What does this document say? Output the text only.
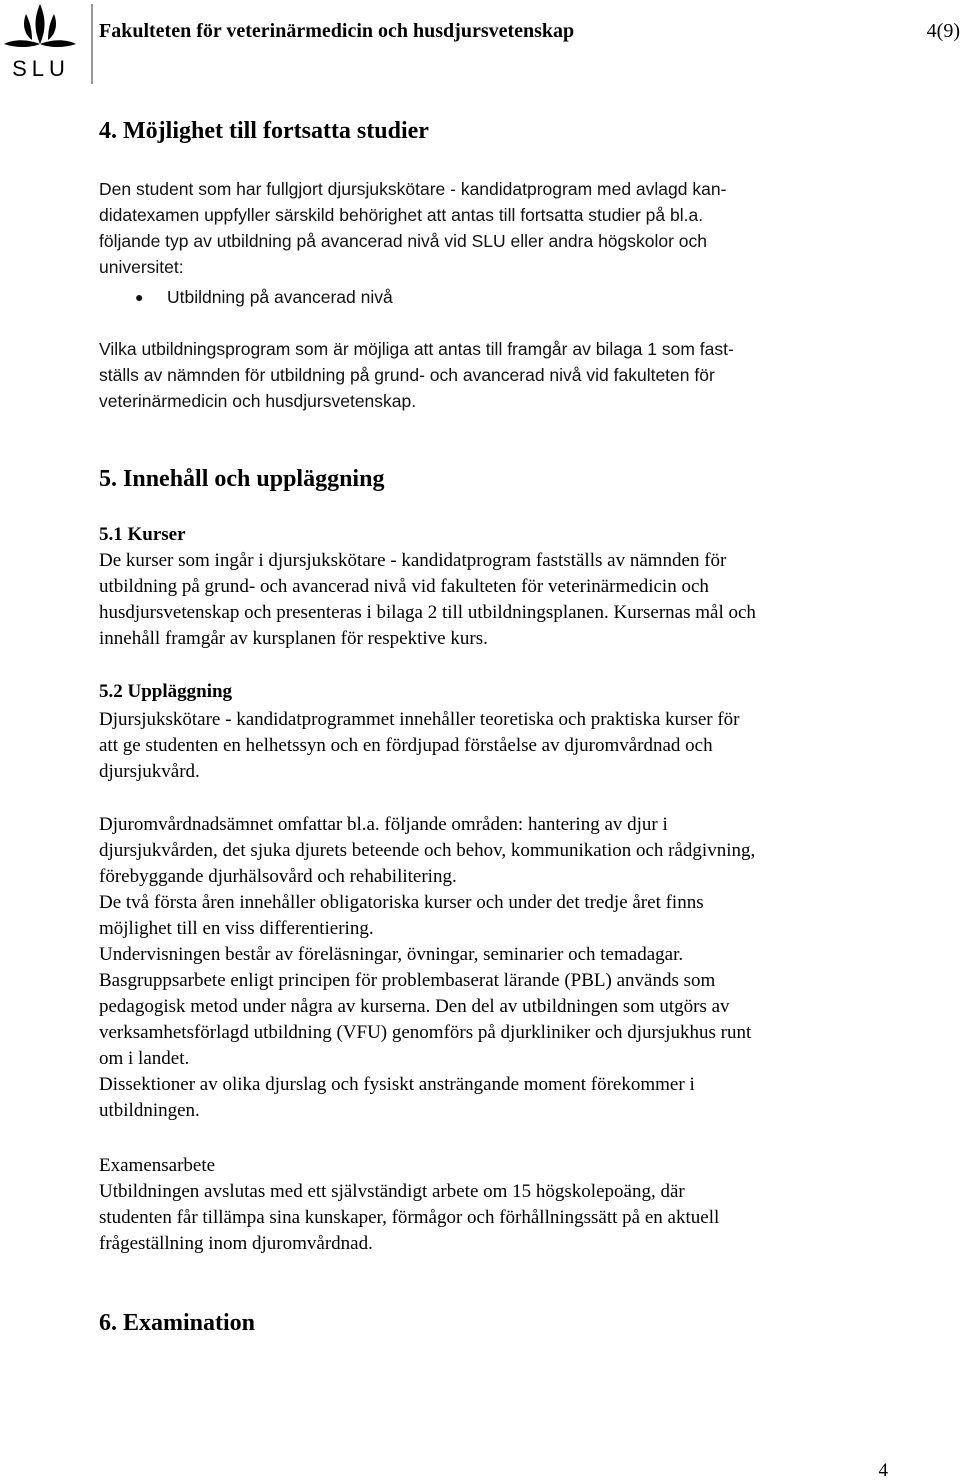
SLU
Fakulteten för veterinärmedicin och husdjursvetenskap	4(9)
4. Möjlighet till fortsatta studier
Den student som har fullgjort djursjukskötare - kandidatprogram med avlagd kan-
didatexamen uppfyller särskild behörighet att antas till fortsatta studier på bl.a.
följande typ av utbildning på avancerad nivå vid SLU eller andra högskolor och
universitet:
● Utbildning på avancerad nivå
Vilka utbildningsprogram som är möjliga att antas till framgår av bilaga 1 som fast-
ställs av nämnden för utbildning på grund- och avancerad nivå vid fakulteten för
veterinärmedicin och husdjursvetenskap.
5. Innehåll och uppläggning
5.1 Kurser
De kurser som ingår i djursjukskötare - kandidatprogram fastställs av nämnden för
utbildning på grund- och avancerad nivå vid fakulteten för veterinärmedicin och
husdjursvetenskap och presenteras i bilaga 2 till utbildningsplanen. Kursernas mål och
innehåll framgår av kursplanen för respektive kurs.
5.2 Uppläggning
Djursjukskötare - kandidatprogrammet innehåller teoretiska och praktiska kurser för
att ge studenten en helhetssyn och en fördjupad förståelse av djuromvårdnad och
djursjukvård.
Djuromvårdnadsämnet omfattar bl.a. följande områden: hantering av djur i
djursjukvården, det sjuka djurets beteende och behov, kommunikation och rådgivning,
förebyggande djurhälsovård och rehabilitering.
De två första åren innehåller obligatoriska kurser och under det tredje året finns
möjlighet till en viss differentiering.
Undervisningen består av föreläsningar, övningar, seminarier och temadagar.
Basgruppsarbete enligt principen för problembaserat lärande (PBL) används som
pedagogisk metod under några av kurserna. Den del av utbildningen som utgörs av
verksamhetsförlagd utbildning (VFU) genomförs på djurkliniker och djursjukhus runt
om i landet.
Dissektioner av olika djurslag och fysiskt ansträngande moment förekommer i
utbildningen.
Examensarbete
Utbildningen avslutas med ett självständigt arbete om 15 högskolepoäng, där
studenten får tillämpa sina kunskaper, förmågor och förhållningssätt på en aktuell
frågeställning inom djuromvårdnad.
6. Examination
4
